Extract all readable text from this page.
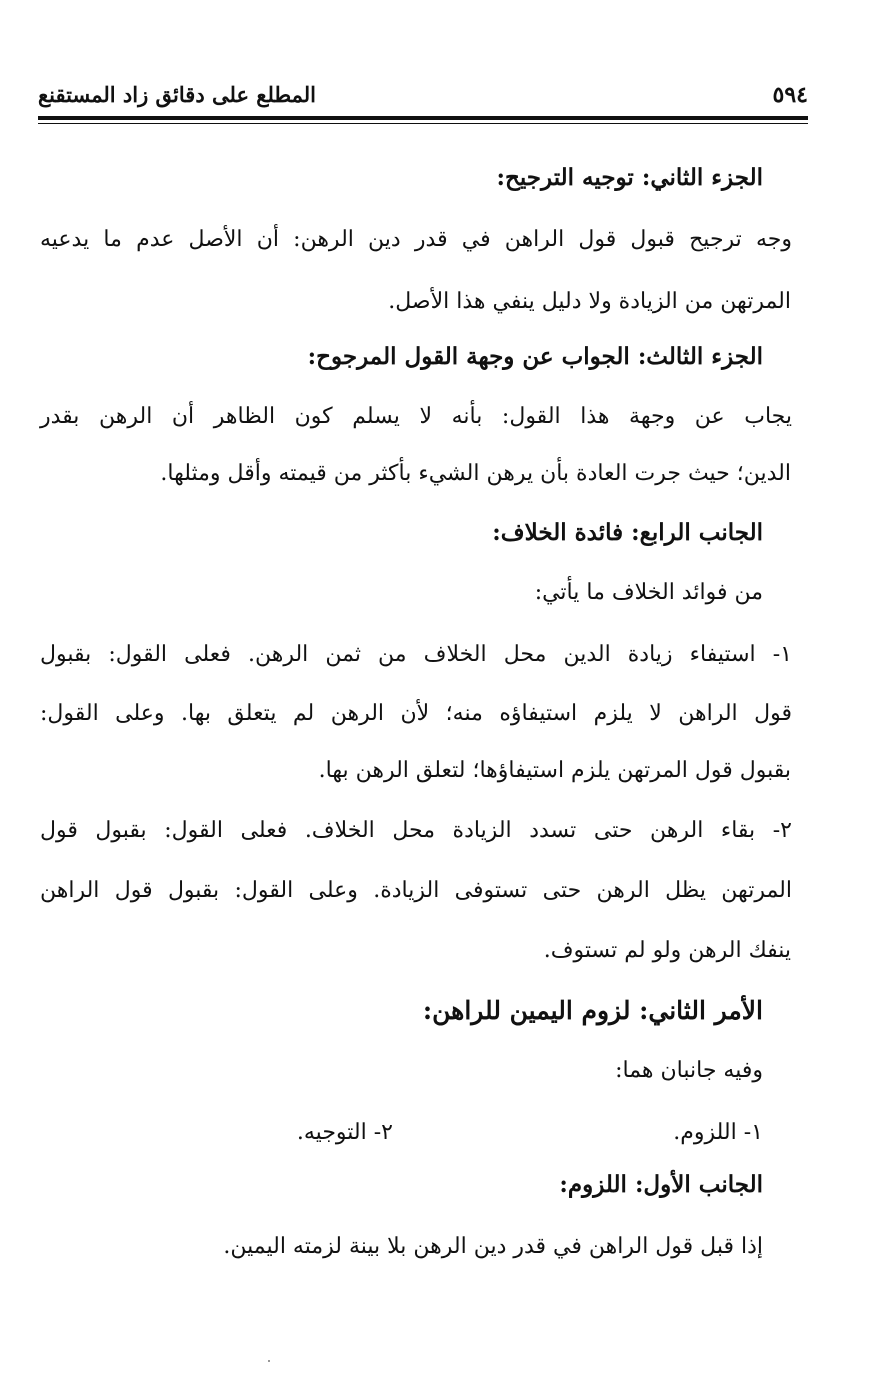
٥٩٤
المطلع على دقائق زاد المستقنع
الجزء الثاني: توجيه الترجيح:
وجه ترجيح قبول قول الراهن في قدر دين الرهن: أن الأصل عدم ما يدعيه
المرتهن من الزيادة ولا دليل ينفي هذا الأصل.
الجزء الثالث: الجواب عن وجهة القول المرجوح:
يجاب عن وجهة هذا القول: بأنه لا يسلم كون الظاهر أن الرهن بقدر
الدين؛ حيث جرت العادة بأن يرهن الشيء بأكثر من قيمته وأقل ومثلها.
الجانب الرابع: فائدة الخلاف:
من فوائد الخلاف ما يأتي:
١- استيفاء زيادة الدين محل الخلاف من ثمن الرهن. فعلى القول: بقبول
قول الراهن لا يلزم استيفاؤه منه؛ لأن الرهن لم يتعلق بها. وعلى القول:
بقبول قول المرتهن يلزم استيفاؤها؛ لتعلق الرهن بها.
٢- بقاء الرهن حتى تسدد الزيادة محل الخلاف. فعلى القول: بقبول قول
المرتهن يظل الرهن حتى تستوفى الزيادة. وعلى القول: بقبول قول الراهن
ينفك الرهن ولو لم تستوف.
الأمر الثاني: لزوم اليمين للراهن:
وفيه جانبان هما:
١- اللزوم.
٢- التوجيه.
الجانب الأول: اللزوم:
إذا قبل قول الراهن في قدر دين الرهن بلا بينة لزمته اليمين.
